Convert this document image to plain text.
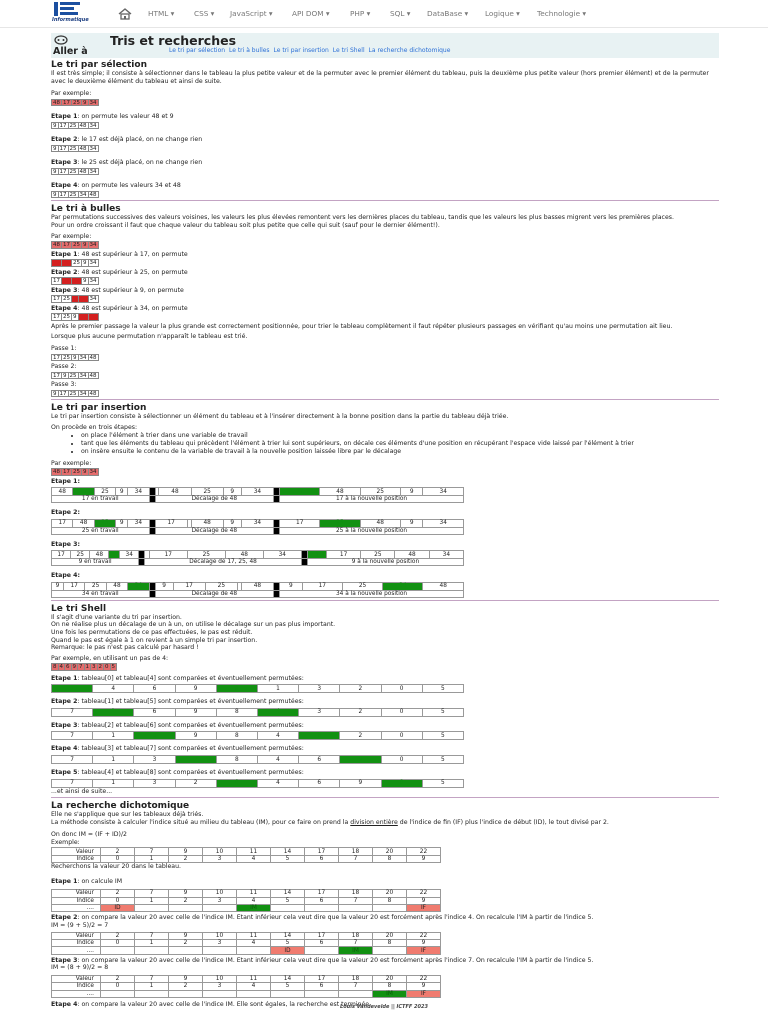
Informatique
HTML ▾	CSS ▾	JavaScript ▾	API DOM ▾	PHP ▾	SQL ▾	DataBase ▾	Logique ▾	Technologie ▾
Aller à
Tris et recherches
Le tri par sélection Le tri à bulles Le tri par insertion Le tri Shell La recherche dichotomique
Le tri par sélection

Il est très simple; il consiste à sélectionner dans le tableau la plus petite valeur et de la permuter avec le premier élément du tableau, puis la deuxième plus petite valeur (hors premier élément) et de la permuter avec le deuxième élément du tableau et ainsi de suite.

Par exemple:

48 17 25 9 34

Etape 1: on permute les valeur 48 et 9

9 17 25 48 34

Etape 2: le 17 est déjà placé, on ne change rien

9 17 25 48 34

Etape 3: le 25 est déjà placé, on ne change rien

9 17 25 48 34

Etape 4: on permute les valeurs 34 et 48

9 17 25 34 48
Le tri à bulles

Par permutations successives des valeurs voisines, les valeurs les plus élevées remontent vers les dernières places du tableau, tandis que les valeurs les plus basses migrent vers les premières places.

Pour un ordre croissant il faut que chaque valeur du tableau soit plus petite que celle qui suit (sauf pour le dernier élément!).

Par exemple:

48 17 25 9 34

Etape 1: 48 est supérieur à 17, on permute

17 48 25 9 34

Etape 2: 48 est supérieur à 25, on permute

17 25 48 9 34

Etape 3: 48 est supérieur à 9, on permute

17 25 9 48 34

Etape 4: 48 est supérieur à 34, on permute

17 25 9 34 48

Après le premier passage la valeur la plus grande est correctement positionnée, pour trier le tableau complètement il faut répéter plusieurs passages en vérifiant qu'au moins une permutation ait lieu.

Lorsque plus aucune permutation n'apparaît le tableau est trié.

Passe 1:

17 25 9 34 48

Passe 2:

17 9 25 34 48

Passe 3:

9 17 25 34 48
Le tri par insertion

Le tri par insertion consiste à sélectionner un élément du tableau et à l'insérer directement à la bonne position dans la partie du tableau déjà triée.

On procède en trois étapes:

• on place l'élément à trier dans une variable de travail
• tant que les éléments du tableau qui précèdent l'élément à trier lui sont supérieurs, on décale ces éléments d'une position en récupérant l'espace vide laissé par l'élément à trier
• on insère ensuite le contenu de la variable de travail à la nouvelle position laissée libre par le décalage

Par exemple:

48 17 25 9 34

Etape 1:

48	17	25	9	34			48	25	9	34		17	48	25	9	34
17 en travail						Décalage de 48						17 à la nouvelle position				

Etape 2:

17	48	25	9	34		17		48	9	34		17	25	48	9	34
25 en travail						Décalage de 48						25 à la nouvelle position				

Etape 3:

17	25	48	9	34			17	25	48	34		9	17	25	48	34
9 en travail						Décalage de 17, 25, 48						9 à la nouvelle position				

Etape 4:

9	17	25	48	34		9	17	25		48		9	17	25	34	48
34 en travail						Décalage de 48						34 à la nouvelle position				
Le tri Shell

Il s'agit d'une variante du tri par insertion.

On ne réalise plus un décalage de un à un, on utilise le décalage sur un pas plus important.

Une fois les permutations de ce pas effectuées, le pas est réduit.

Quand le pas est égale à 1 on revient à un simple tri par insertion.

Remarque: le pas n'est pas calculé par hasard !

Par exemple, en utilisant un pas de 4:

8 4 6 9 7 1 3 2 0 5

Etape 1: tableau[0] et tableau[4] sont comparées et éventuellement permutées:

7	4	6	9	8	1	3	2	0	5

Etape 2: tableau[1] et tableau[5] sont comparées et éventuellement permutées:

7	1	6	9	8	4	3	2	0	5

Etape 3: tableau[2] et tableau[6] sont comparées et éventuellement permutées:

7	1	3	9	8	4	6	2	0	5

Etape 4: tableau[3] et tableau[7] sont comparées et éventuellement permutées:

7	1	3	2	8	4	6	9	0	5

Etape 5: tableau[4] et tableau[8] sont comparées et éventuellement permutées:

7	1	3	2	0	4	6	9	8	5

...et ainsi de suite...

La recherche dichotomique

Elle ne s'applique que sur les tableaux déjà triés.

La méthode consiste à calculer l'indice situé au milieu du tableau (IM), pour ce faire on prend la division entière de l'indice de fin (IF) plus l'indice de début (ID), le tout divisé par 2.

On donc IM = (IF + ID)/2

Exemple:

Valeur	2	7	9	10	11	14	17	18	20	22
Indice	0	1	2	3	4	5	6	7	8	9

Recherchons la valeur 20 dans le tableau.

Etape 1: on calcule IM

Valeur	2	7	9	10	11	14	17	18	20	22
Indice	0	1	2	3	4	5	6	7	8	9
....	ID				IM					IF

Etape 2: on compare la valeur 20 avec celle de l'indice IM. Etant inférieur cela veut dire que la valeur 20 est forcément après l'indice 4. On recalcule l'IM à partir de l'indice 5.

IM = (9 + 5)/2 = 7

Valeur	2	7	9	10	11	14	17	18	20	22
Indice	0	1	2	3	4	5	6	7	8	9
....						ID		IM		IF

Etape 3: on compare la valeur 20 avec celle de l'indice IM. Etant inférieur cela veut dire que la valeur 20 est forcément après l'indice 7. On recalcule l'IM à partir de l'indice 5.

IM = (8 + 9)/2 = 8

Valeur	2	7	9	10	11	14	17	18	20	22
Indice	0	1	2	3	4	5	6	7	8	9
....									IM	IF

Etape 4: on compare la valeur 20 avec celle de l'indice IM. Elle sont égales, la recherche est terminée.

Louis Vandevelde || ICTFF 2023
